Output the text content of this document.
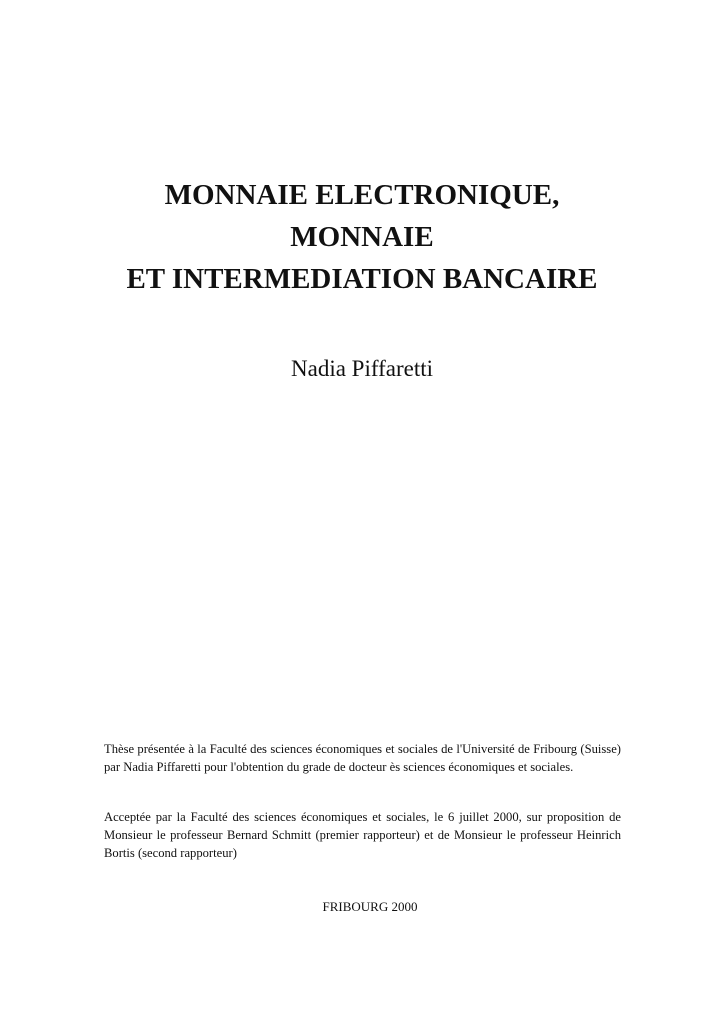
MONNAIE ELECTRONIQUE,
MONNAIE
ET INTERMEDIATION BANCAIRE
Nadia Piffaretti
Thèse présentée à la Faculté des sciences économiques et sociales de l'Université de Fribourg (Suisse) par Nadia Piffaretti pour l'obtention du grade de docteur ès sciences économiques et sociales.
Acceptée par la Faculté des sciences économiques et sociales, le 6 juillet 2000, sur proposition de Monsieur le professeur Bernard Schmitt (premier rapporteur) et de Monsieur le professeur Heinrich Bortis (second rapporteur)
FRIBOURG 2000
